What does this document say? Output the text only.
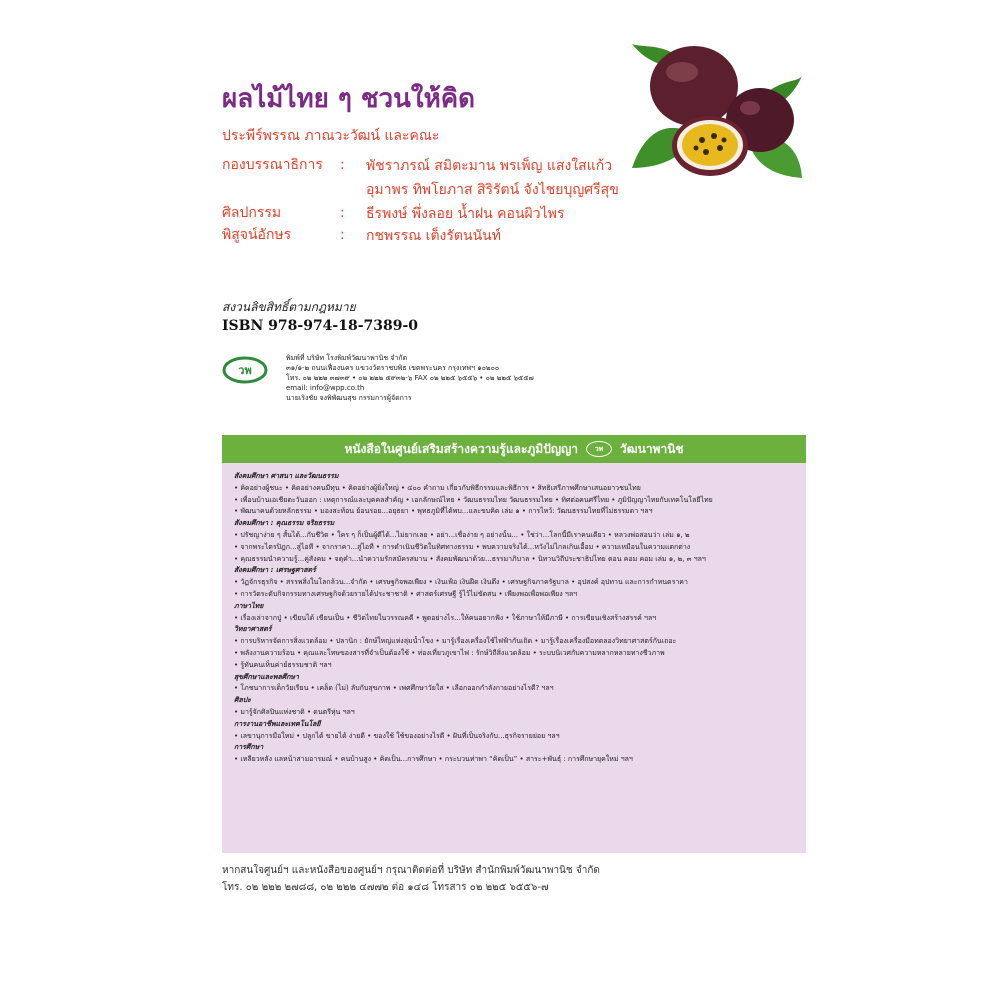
ผลไม้ไทย ๆ ชวนให้คิด
ประพีร์พรรณ ภาณวะวัฒน์ และคณะ
กองบรรณาธิการ	:	พัชราภรณ์ สมิตะมาน พรเพ็ญ แสงใสแก้ว
อุมาพร ทิพโยภาส สิริรัตน์ จังไชยบุญศรีสุข
ศิลปกรรม	:	ธีรพงษ์ พึ่งลอย น้ำฝน คอนผิวไพร
พิสูจน์อักษร	:	กชพรรณ เต็งรัตนนันท์
สงวนลิขสิทธิ์ตามกฎหมาย
ISBN 978-974-18-7389-0
วพ
พิมพ์ที่ บริษัท โรงพิมพ์วัฒนาพานิช จำกัด
๓๑/๑-๒ ถนนเฟื่องนคร แขวงวัดราชบพิธ เขตพระนคร กรุงเทพฯ ๑๐๒๐๐
โทร. ๐๒ ๒๒๒ ๓๗๓๙ • ๐๒ ๒๒๒ ๕๙๓๒-๖ FAX ๐๒ ๒๒๕ ๖๕๕๖ • ๐๒ ๒๒๕ ๖๕๕๗
email: info@wpp.co.th
นายเริงชัย จงพิพัฒนสุข กรรมการผู้จัดการ
หนังสือในศูนย์เสริมสร้างความรู้และภูมิปัญญา	วพ	วัฒนาพานิช
สังคมศึกษา ศาสนา และวัฒนธรรม
• คิดอย่างผู้ชนะ • คิดอย่างคนมีทุน • คิดอย่างผู้ยิ่งใหญ่ • ๔๐๐ คำถาม เกี่ยวกับพิธีกรรมและพิธีการ • สิทธิเสรีภาพศึกษาเสนอยาวชนไทย
• เพื่อนบ้านเอเชียตะวันออก : เหตุการณ์และบุคคลสำคัญ • เอกลักษณ์ไทย • วัฒนธรรมไทย วัฒนธรรมไทย • ทิศต่อคนศรีไทย • ภูมิปัญญาไทยกับเทคโนโลยีไทย
• พัฒนาคนด้วยหลักธรรม • มองสะท้อน ย้อนรอย...อยุธยา • พุทธภูมิที่ได้พบ...และขบคิด เล่ม ๑ • การไหว้: วัฒนธรรมไทยที่ไม่ธรรมดา ฯลฯ
สังคมศึกษา : คุณธรรม จริยธรรม
• ปรัชญาง่าย ๆ สั้นได้...กับชีวิต • ใคร ๆ ก็เป็นผู้ดีได้...ไม่ยากเลย • อย่า...เชื่อง่าย ๆ อย่างนั้น... • ใช่ว่า...โลกนี้มีเราคนเดียว • หลวงพ่อสอนว่า เล่ม ๑, ๒
• จากพระไตรปิฎก...สู่ไอที • จากราคา...สู่ไอที • การดำเนินชีวิตในทิศทางธรรม • พบความจริงได้...หวังไม่ไกลเกินเอื้อม • ความเหมือนในความแตกต่าง
• คุณธรรมนำความรู้...คู่สังคม • จตุคำ...นำความรักสมัครสมาน • สังคมพัฒนาด้วย...ธรรมาภิบาล • นิทานวิถีประชาธิปไทย ตอน คอม คอม เล่ม ๑, ๒, ๓ ฯลฯ
สังคมศึกษา : เศรษฐศาสตร์
• วัฏจักรธุรกิจ • สรรพสิ่งในโลกล้วน...จำกัด • เศรษฐกิจพอเพียง • เงินเฟ้อ เงินฝืด เงินตึง • เศรษฐกิจภาครัฐบาล • อุปสงค์ อุปทาน และการกำหนดราคา
• การวัดระดับกิจกรรมทางเศรษฐกิจด้วยรายได้ประชาชาติ • ศาสตร์เศรษฐี รู้ไว้ไม่ขัดสน • เพียงพอเพื่อพอเพียง ฯลฯ
ภาษาไทย
• เรื่องเล่าจากปู่ • เขียนได้ เขียนเป็น • ชีวิตไทยในวรรณคดี • พูดอย่างไร...ให้คนอยากฟัง • ใช้ภาษาให้มีภาษี • การเขียนเชิงสร้างสรรค์ ฯลฯ
วิทยาศาสตร์
• การบริหารจัดการสิ่งแวดล้อม • ปลานิก : ยักษ์ใหญ่แห่งลุ่มน้ำโขง • มารู้เรื่องเครื่องใช้ไฟฟ้ากันเถิด • มารู้เรื่องเครื่องมือทดลองวิทยาศาสตร์กันเถอะ
• พลังงานความร้อน • คุณและโทษของสารที่จำเป็นต้องใช้ • ท่องเที่ยวภูเขาไฟ : รักษ์วิถีสิ่งแวดล้อม • ระบบนิเวศกับความหลากหลายทางชีวภาพ
• รู้ทันคนเห็นค่าย์ธรรมชาติ ฯลฯ
สุขศึกษาและพลศึกษา
• โภชนาการเด็กวัยเรียน • เคล็ด (ไม่) ลับกับสุขภาพ • เพศศึกษาวัยใส • เลือกออกกำลังกายอย่างไรดี? ฯลฯ
ศิลปะ
• มารู้จักศิลปินแห่งชาติ • ดนตรีหุ่น ฯลฯ
การงานอาชีพและเทคโนโลยี
• เลขานุการมือใหม่ • ปลูกได้ ขายได้ ง่ายดี • ของใช้ ใช้ของอย่างไรดี • ฝันที่เป็นจริงกับ...ธุรกิจรายย่อย ฯลฯ
การศึกษา
• เหลียวหลัง แลหน้าสามอารมณ์ • คนบ้านสูง • คิดเป็น...การศึกษา • กระบวนท่าพา “คิดเป็น” • สาระ+พันธุ์ : การศึกษายุคใหม่ ฯลฯ
หากสนใจศูนย์ฯ และหนังสือของศูนย์ฯ กรุณาติดต่อที่ บริษัท สำนักพิมพ์วัฒนาพานิช จำกัด
โทร. ๐๒ ๒๒๒ ๒๗๘๘, ๐๒ ๒๒๒ ๔๗๗๒ ต่อ ๑๔๘ โทรสาร ๐๒ ๒๒๕ ๖๕๕๖-๗
